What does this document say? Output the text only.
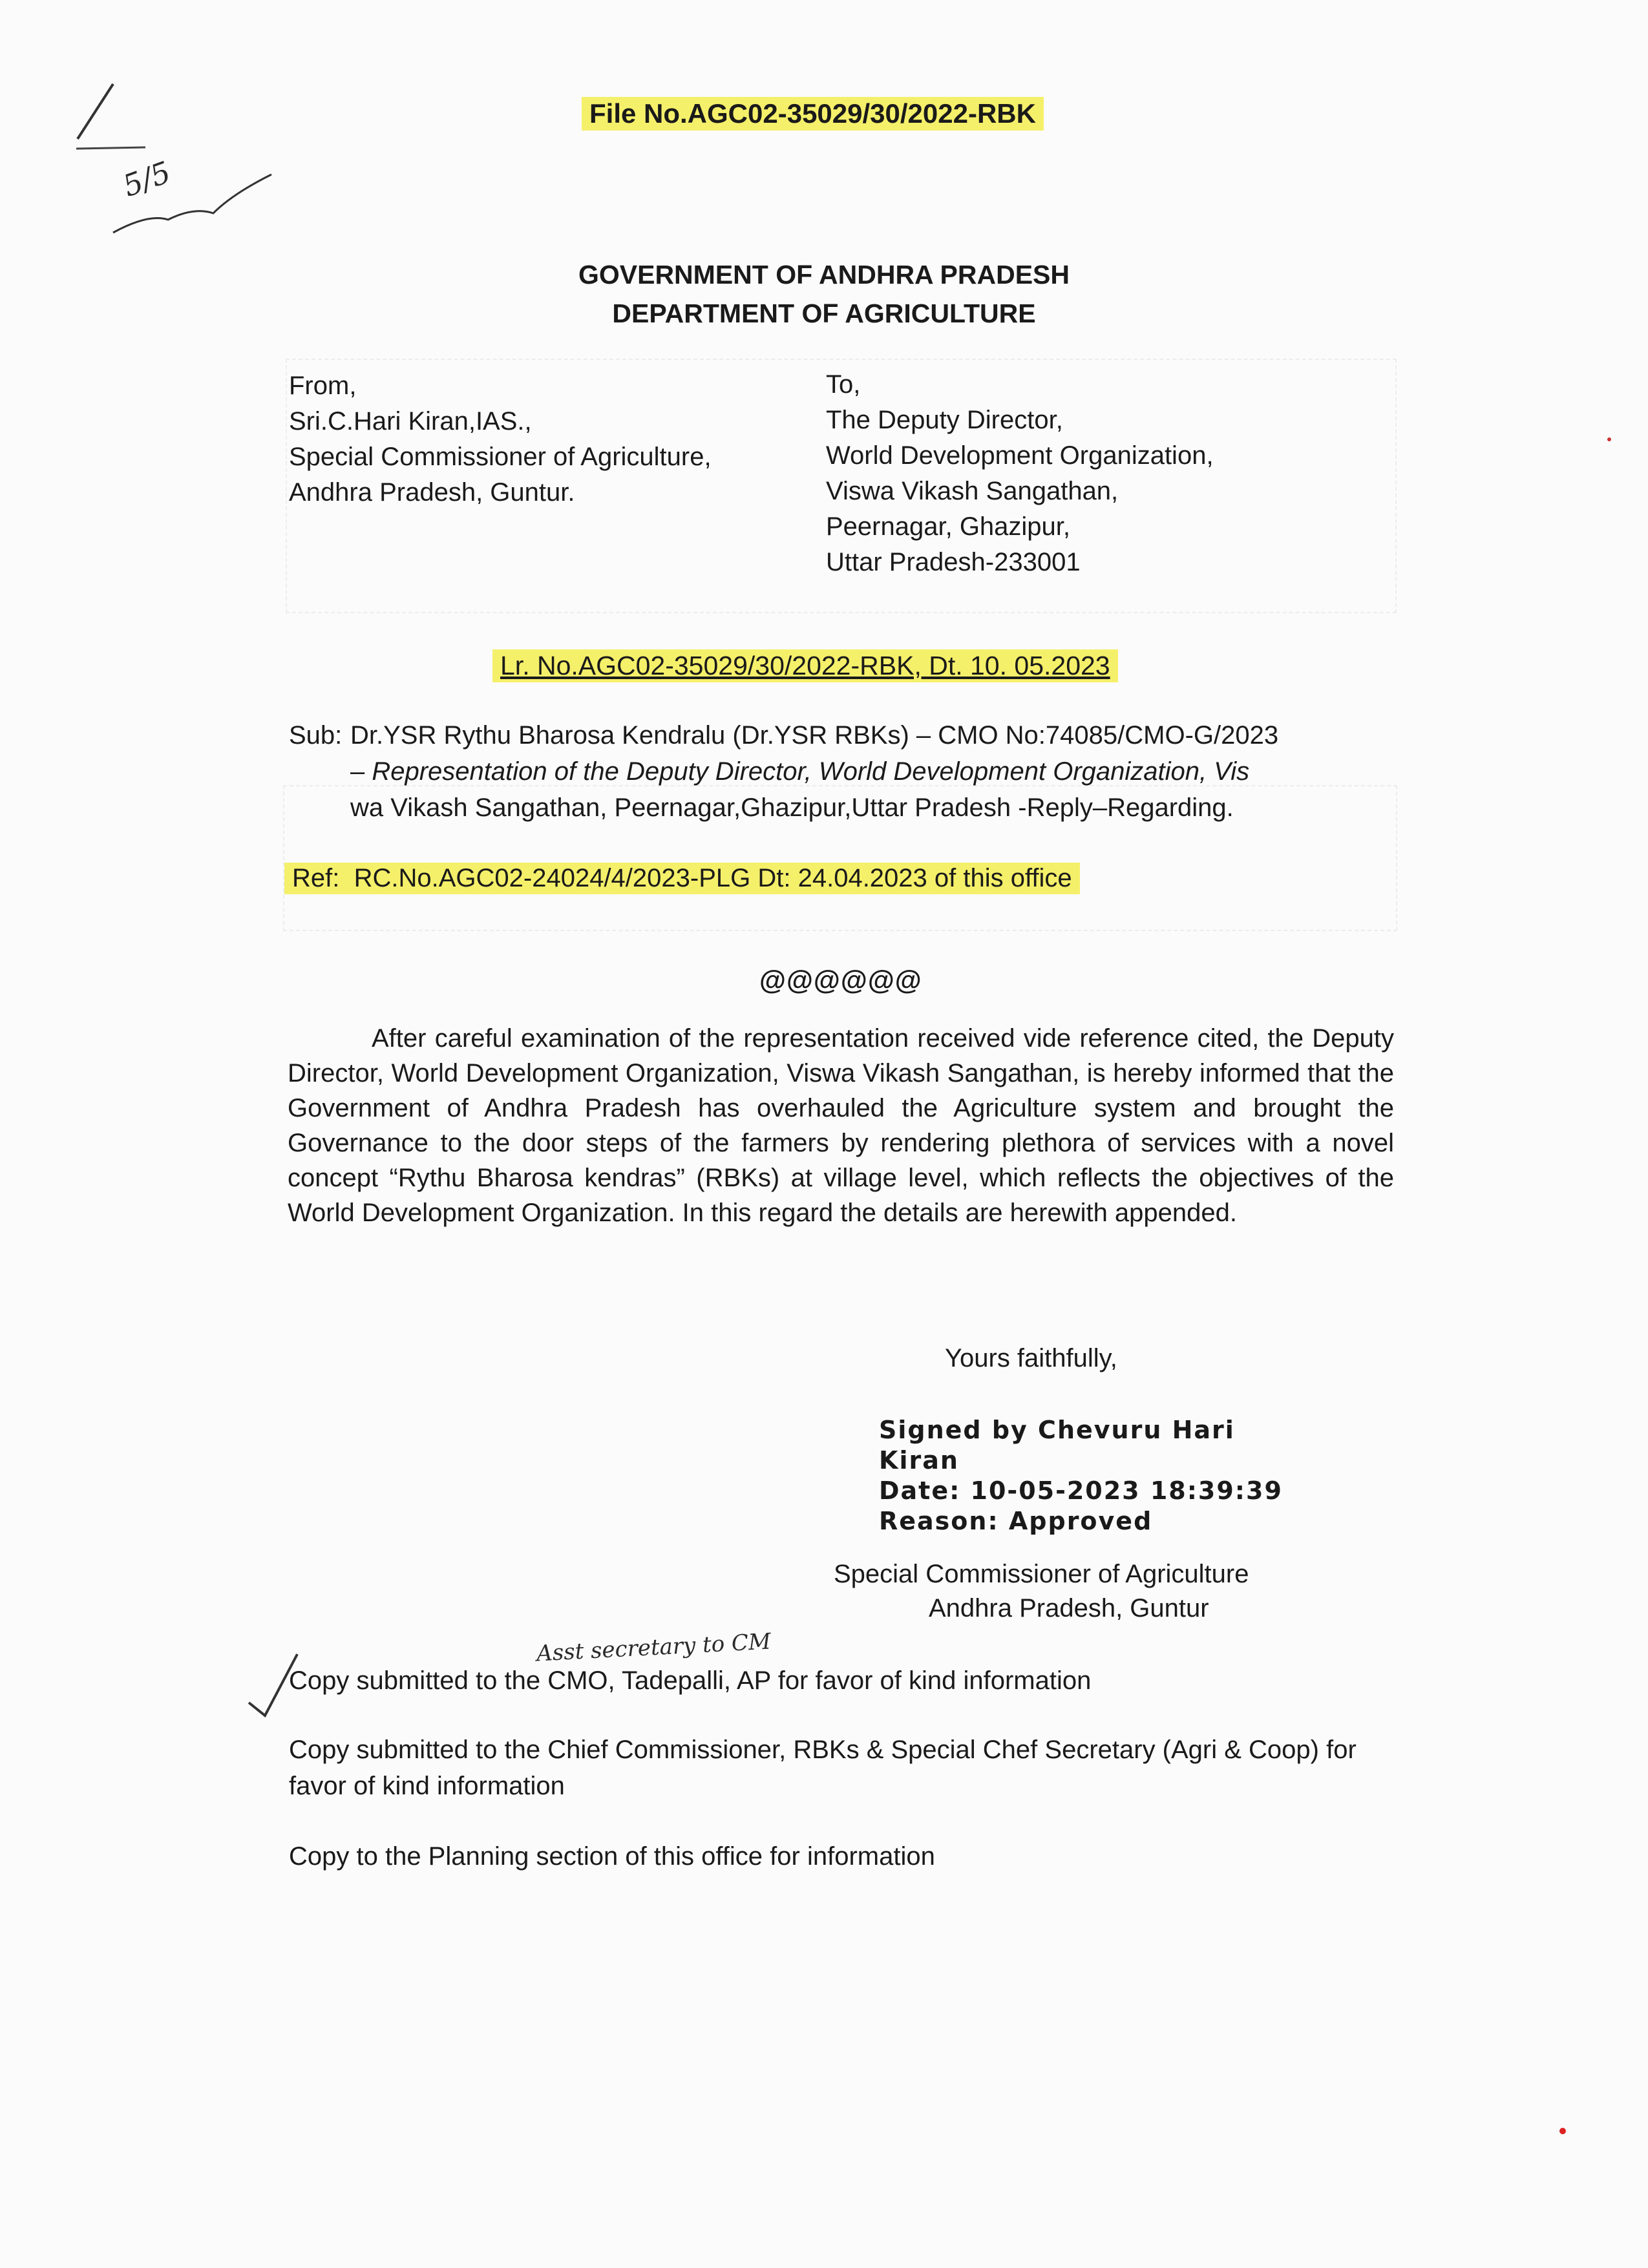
5/5
Asst secretary to CM
File No.AGC02-35029/30/2022-RBK
GOVERNMENT OF ANDHRA PRADESH
DEPARTMENT OF AGRICULTURE
From,
Sri.C.Hari Kiran,IAS.,
Special Commissioner of Agriculture,
Andhra Pradesh, Guntur.
To,
The Deputy Director,
World Development Organization,
Viswa Vikash Sangathan,
Peernagar, Ghazipur,
Uttar Pradesh-233001
Lr. No.AGC02-35029/30/2022-RBK, Dt. 10. 05.2023
Sub: Dr.YSR Rythu Bharosa Kendralu (Dr.YSR RBKs) – CMO No:74085/CMO-G/2023
– Representation of the Deputy Director, World Development Organization, Vis
wa Vikash Sangathan, Peernagar,Ghazipur,Uttar Pradesh -Reply–Regarding.
Ref:  RC.No.AGC02-24024/4/2023-PLG Dt: 24.04.2023 of this office
@@@@@@
After careful examination of the representation received vide reference cited, the Deputy Director, World Development Organization, Viswa Vikash Sangathan, is hereby informed that the Government of Andhra Pradesh has overhauled the Agriculture system and brought the Governance to the door steps of the farmers by rendering plethora of services with a novel concept “Rythu Bharosa kendras” (RBKs) at village level, which reflects the objectives of the World Development Organization. In this regard the details are herewith appended.
Yours faithfully,
Signed by Chevuru Hari
Kiran
Date: 10-05-2023 18:39:39
Reason: Approved
Special Commissioner of Agriculture
Andhra Pradesh, Guntur
Copy submitted to the CMO, Tadepalli, AP for favor of kind information
Copy submitted to the Chief Commissioner, RBKs & Special Chef Secretary (Agri & Coop) for favor of kind information
Copy to the Planning section of this office for information
